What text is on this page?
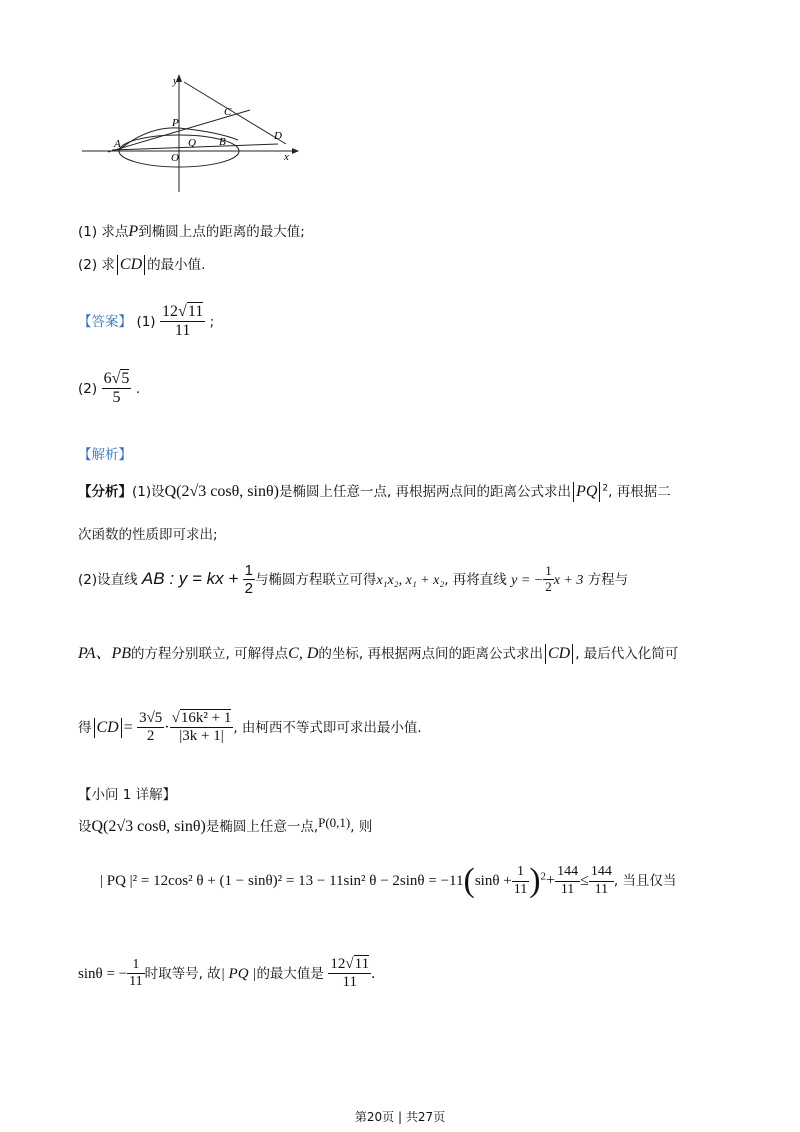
y
x
P
C
D
A	Q B
O
(1) 求点P到椭圆上点的距离的最大值;
(2) 求 CD 的最小值.
【答案】 $(1) \frac{12√11}{11}$ ;
$(2) \frac{6√5}{5}$ .
【解析】
【分析】(1)设Q(2√3 cosθ, sinθ)是椭圆上任意一点, 再根据两点间的距离公式求出 PQ $^2$, 再根据二
次函数的性质即可求出;
(2)设直线 AB : y = kx + $\frac{1}{2}$ 与椭圆方程联立可得x₁x₂, x₁ + x₂, 再将直线 y = − $\frac{1}{2}$ x + 3 方程与
PA、PB的方程分别联立, 可解得点C, D的坐标, 再根据两点间的距离公式求出 CD , 最后代入化简可
得 CD = $\frac{3√5}{2} \cdot \frac{\text{√16k² + 1}}{|3k + 1|}$ , 由柯西不等式即可求出最小值.
【小问 1 详解】
设Q(2√3 cosθ, sinθ)是椭圆上任意一点,P(0,1), 则
| PQ |² = 12cos² θ + (1 − sinθ)² = 13 − 11sin² $\theta - 2\sin\theta = -11(\sin\theta + \frac{1}{11} )^2+ \frac{144}{11} \le \frac{144}{11}$ , 当且仅当
sinθ = − $\frac{1}{11}$ 时取等号, 故| PQ |的最大值是 $\frac{12√11}{11}$ .
第20页 | 共27页
